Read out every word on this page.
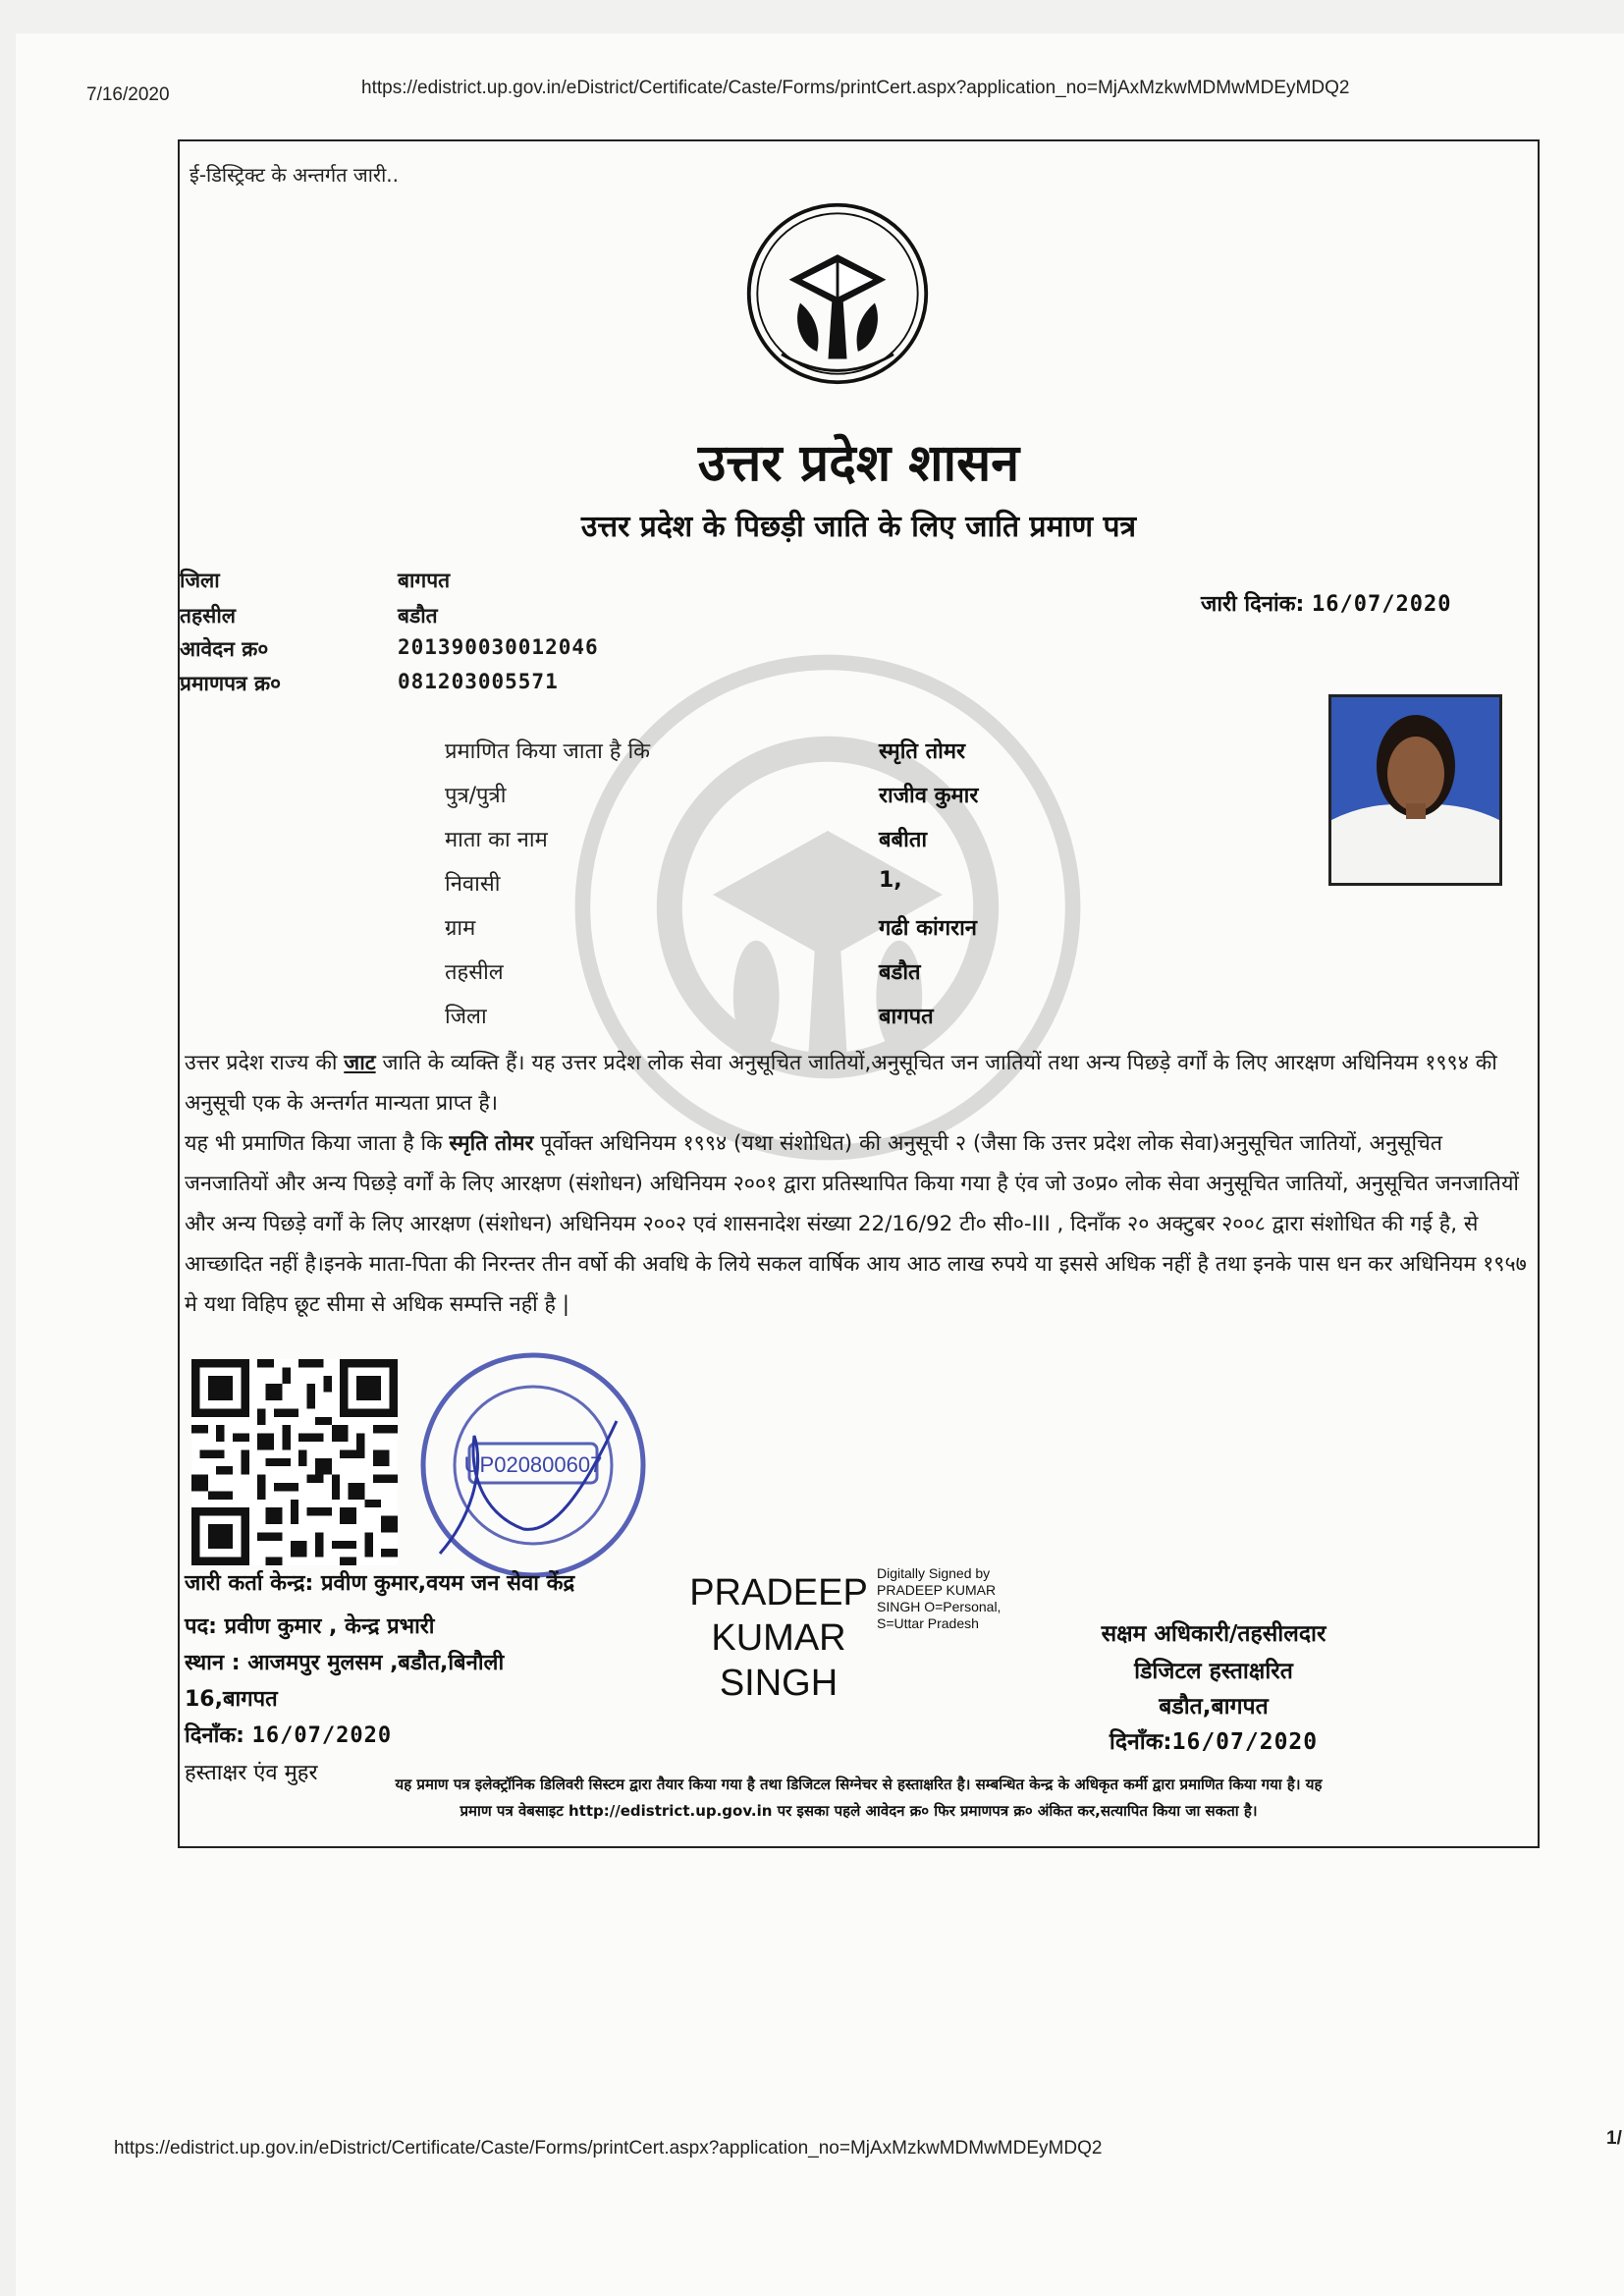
7/16/2020	https://edistrict.up.gov.in/eDistrict/Certificate/Caste/Forms/printCert.aspx?application_no=MjAxMzkwMDMwMDEyMDQ2
ई-डिस्ट्रिक्ट के अन्तर्गत जारी..
उत्तर प्रदेश शासन
उत्तर प्रदेश के पिछड़ी जाति के लिए जाति प्रमाण पत्र
जिला	बागपत
तहसील	बडौत
आवेदन क्र०	201390030012046
प्रमाणपत्र क्र०	081203005571
जारी दिनांक: 16/07/2020
प्रमाणित किया जाता है कि	स्मृति तोमर
पुत्र/पुत्री	राजीव कुमार
माता का नाम	बबीता
निवासी	1,
ग्राम	गढी कांगरान
तहसील	बडौत
जिला	बागपत

उत्तर प्रदेश राज्य की जाट जाति के व्यक्ति हैं। यह उत्तर प्रदेश लोक सेवा अनुसूचित जातियों,अनुसूचित जन जातियों तथा अन्य पिछड़े वर्गों के लिए आरक्षण अधिनियम १९९४ की अनुसूची एक के अन्तर्गत मान्यता प्राप्त है।

यह भी प्रमाणित किया जाता है कि स्मृति तोमर पूर्वोक्त अधिनियम १९९४ (यथा संशोधित) की अनुसूची २ (जैसा कि उत्तर प्रदेश लोक सेवा)अनुसूचित जातियों, अनुसूचित जनजातियों और अन्य पिछड़े वर्गों के लिए आरक्षण (संशोधन) अधिनियम २००१ द्वारा प्रतिस्थापित किया गया है एंव जो उ०प्र० लोक सेवा अनुसूचित जातियों, अनुसूचित जनजातियों और अन्य पिछड़े वर्गों के लिए आरक्षण (संशोधन) अधिनियम २००२ एवं शासनादेश संख्या 22/16/92 टी० सी०-III , दिनाँक २० अक्टुबर २००८ द्वारा संशोधित की गई है, से आच्छादित नहीं है।इनके माता-पिता की निरन्तर तीन वर्षो की अवधि के लिये सकल वार्षिक आय आठ लाख रुपये या इससे अधिक नहीं है तथा इनके पास धन कर अधिनियम १९५७ मे यथा विहिप छूट सीमा से अधिक सम्पत्ति नहीं है |

UP020800607
जारी कर्ता केन्द्र: प्रवीण कुमार,वयम जन सेवा केंद्र
पद: प्रवीण कुमार , केन्द्र प्रभारी
स्थान : आजमपुर मुलसम ,बडौत,बिनौली
16,बागपत
दिनाँक: 16/07/2020
हस्ताक्षर एंव मुहर
PRADEEP
KUMAR
SINGH
Digitally Signed by
PRADEEP KUMAR
SINGH O=Personal,
S=Uttar Pradesh	सक्षम अधिकारी/तहसीलदार
डिजिटल हस्ताक्षरित
बडौत,बागपत
दिनाँक:16/07/2020
यह प्रमाण पत्र इलेक्ट्रॉनिक डिलिवरी सिस्टम द्वारा तैयार किया गया है तथा डिजिटल सिग्नेचर से हस्ताक्षरित है। सम्बन्धित केन्द्र के अधिकृत कर्मी द्वारा प्रमाणित किया गया है। यह
प्रमाण पत्र वेबसाइट http://edistrict.up.gov.in पर इसका पहले आवेदन क्र० फिर प्रमाणपत्र क्र० अंकित कर,सत्यापित किया जा सकता है।
https://edistrict.up.gov.in/eDistrict/Certificate/Caste/Forms/printCert.aspx?application_no=MjAxMzkwMDMwMDEyMDQ2	1/
